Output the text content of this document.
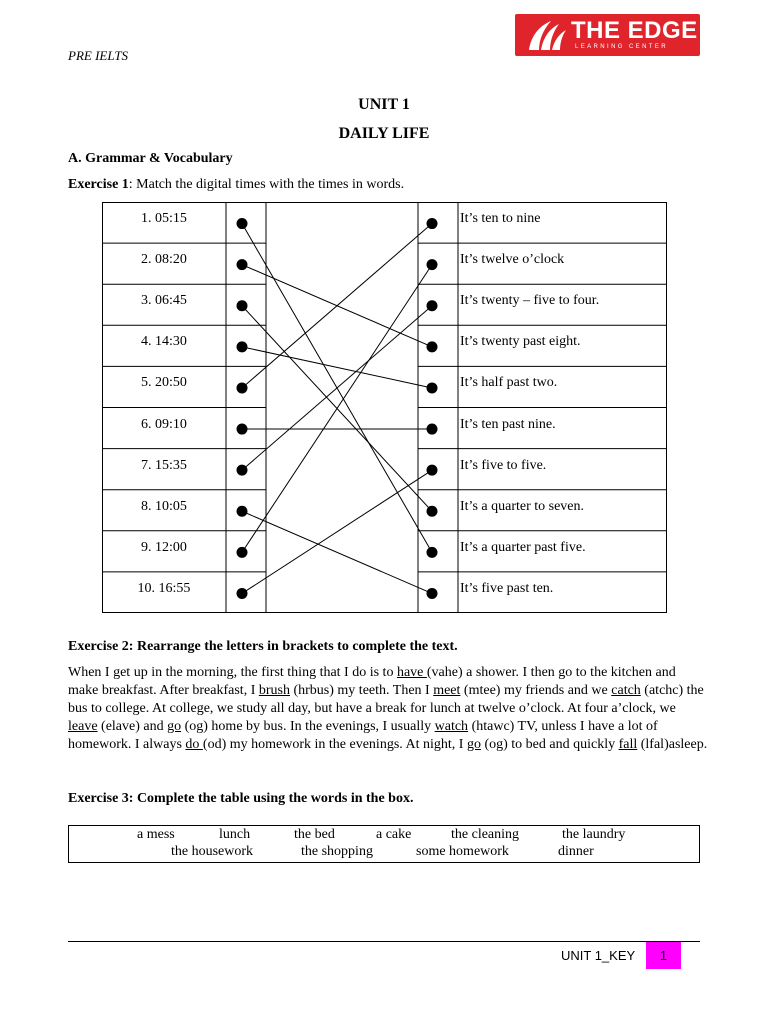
PRE IELTS
THE EDGE
LEARNING CENTER
UNIT 1
DAILY LIFE
A. Grammar & Vocabulary
Exercise 1: Match the digital times with the times in words.
1. 05:15
2. 08:20
3. 06:45
4. 14:30
5. 20:50
6. 09:10
7. 15:35
8. 10:05
9. 12:00
10. 16:55
It’s ten to nine
It’s twelve o’clock
It’s twenty – five to four.
It’s twenty past eight.
It’s half past two.
It’s ten past nine.
It’s five to five.
It’s a quarter to seven.
It’s a quarter past five.
It’s five past ten.
Exercise 2: Rearrange the letters in brackets to complete the text.
When I get up in the morning, the first thing that I do is to have (vahe) a shower. I then go to the kitchen and make breakfast. After breakfast, I brush (hrbus) my teeth. Then I meet (mtee) my friends and we catch (atchc) the bus to college. At college, we study all day, but have a break for lunch at twelve o’clock. At four a’clock, we leave (elave) and go (og) home by bus. In the evenings, I usually watch (htawc) TV, unless I have a lot of homework. I always do (od) my homework in the evenings. At night, I go (og) to bed and quickly fall (lfal)asleep.
Exercise 3: Complete the table using the words in the box.
a mess	lunch	the bed	a cake	the cleaning	the laundry
the housework	the shopping	some homework	dinner
UNIT 1_KEY	1
